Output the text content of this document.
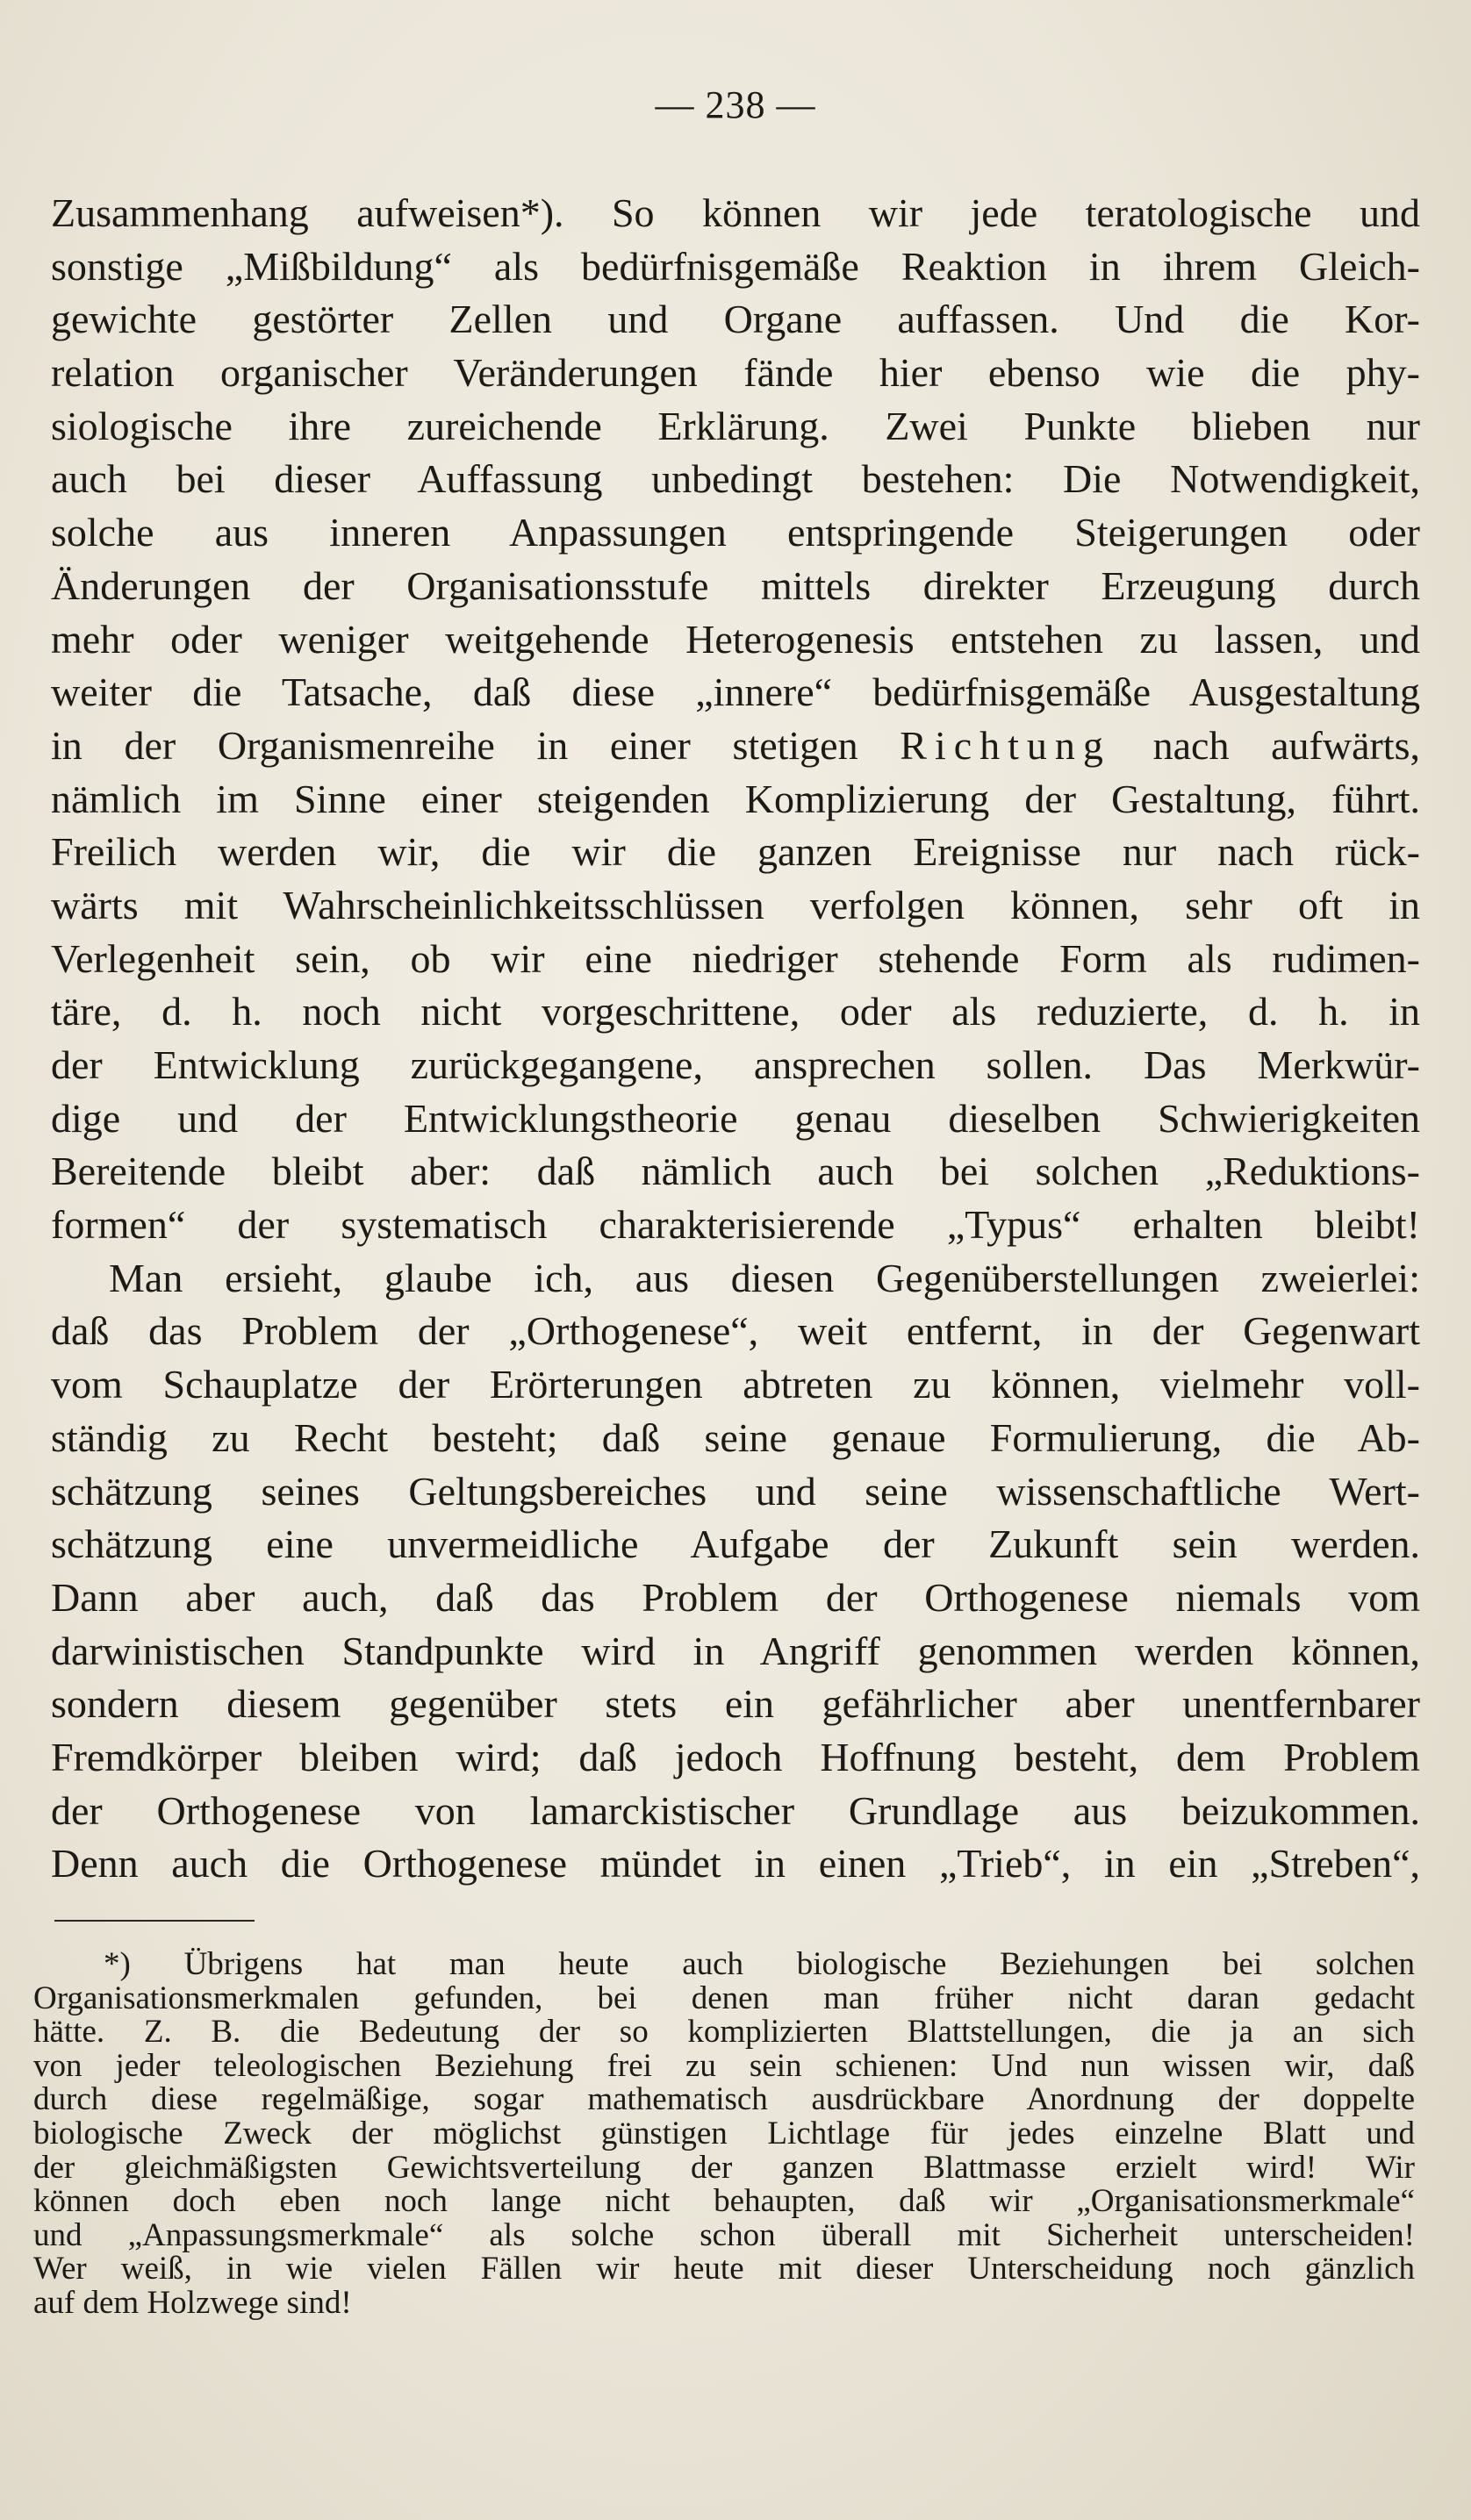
— 238 —
Zusammenhang aufweisen*). So können wir jede teratologische und
sonstige „Mißbildung“ als bedürfnisgemäße Reaktion in ihrem Gleich-
gewichte gestörter Zellen und Organe auffassen. Und die Kor-
relation organischer Veränderungen fände hier ebenso wie die phy-
siologische ihre zureichende Erklärung. Zwei Punkte blieben nur
auch bei dieser Auffassung unbedingt bestehen: Die Notwendigkeit,
solche aus inneren Anpassungen entspringende Steigerungen oder
Änderungen der Organisationsstufe mittels direkter Erzeugung durch
mehr oder weniger weitgehende Heterogenesis entstehen zu lassen, und
weiter die Tatsache, daß diese „innere“ bedürfnisgemäße Ausgestaltung
in der Organismenreihe in einer stetigen Richtung nach aufwärts,
nämlich im Sinne einer steigenden Komplizierung der Gestaltung, führt.
Freilich werden wir, die wir die ganzen Ereignisse nur nach rück-
wärts mit Wahrscheinlichkeitsschlüssen verfolgen können, sehr oft in
Verlegenheit sein, ob wir eine niedriger stehende Form als rudimen-
täre, d. h. noch nicht vorgeschrittene, oder als reduzierte, d. h. in
der Entwicklung zurückgegangene, ansprechen sollen. Das Merkwür-
dige und der Entwicklungstheorie genau dieselben Schwierigkeiten
Bereitende bleibt aber: daß nämlich auch bei solchen „Reduktions-
formen“ der systematisch charakterisierende „Typus“ erhalten bleibt!
Man ersieht, glaube ich, aus diesen Gegenüberstellungen zweierlei:
daß das Problem der „Orthogenese“, weit entfernt, in der Gegenwart
vom Schauplatze der Erörterungen abtreten zu können, vielmehr voll-
ständig zu Recht besteht; daß seine genaue Formulierung, die Ab-
schätzung seines Geltungsbereiches und seine wissenschaftliche Wert-
schätzung eine unvermeidliche Aufgabe der Zukunft sein werden.
Dann aber auch, daß das Problem der Orthogenese niemals vom
darwinistischen Standpunkte wird in Angriff genommen werden können,
sondern diesem gegenüber stets ein gefährlicher aber unentfernbarer
Fremdkörper bleiben wird; daß jedoch Hoffnung besteht, dem Problem
der Orthogenese von lamarckistischer Grundlage aus beizukommen.
Denn auch die Orthogenese mündet in einen „Trieb“, in ein „Streben“,
*) Übrigens hat man heute auch biologische Beziehungen bei solchen
Organisationsmerkmalen gefunden, bei denen man früher nicht daran gedacht
hätte. Z. B. die Bedeutung der so komplizierten Blattstellungen, die ja an sich
von jeder teleologischen Beziehung frei zu sein schienen: Und nun wissen wir, daß
durch diese regelmäßige, sogar mathematisch ausdrückbare Anordnung der doppelte
biologische Zweck der möglichst günstigen Lichtlage für jedes einzelne Blatt und
der gleichmäßigsten Gewichtsverteilung der ganzen Blattmasse erzielt wird! Wir
können doch eben noch lange nicht behaupten, daß wir „Organisationsmerkmale“
und „Anpassungsmerkmale“ als solche schon überall mit Sicherheit unterscheiden!
Wer weiß, in wie vielen Fällen wir heute mit dieser Unterscheidung noch gänzlich
auf dem Holzwege sind!
